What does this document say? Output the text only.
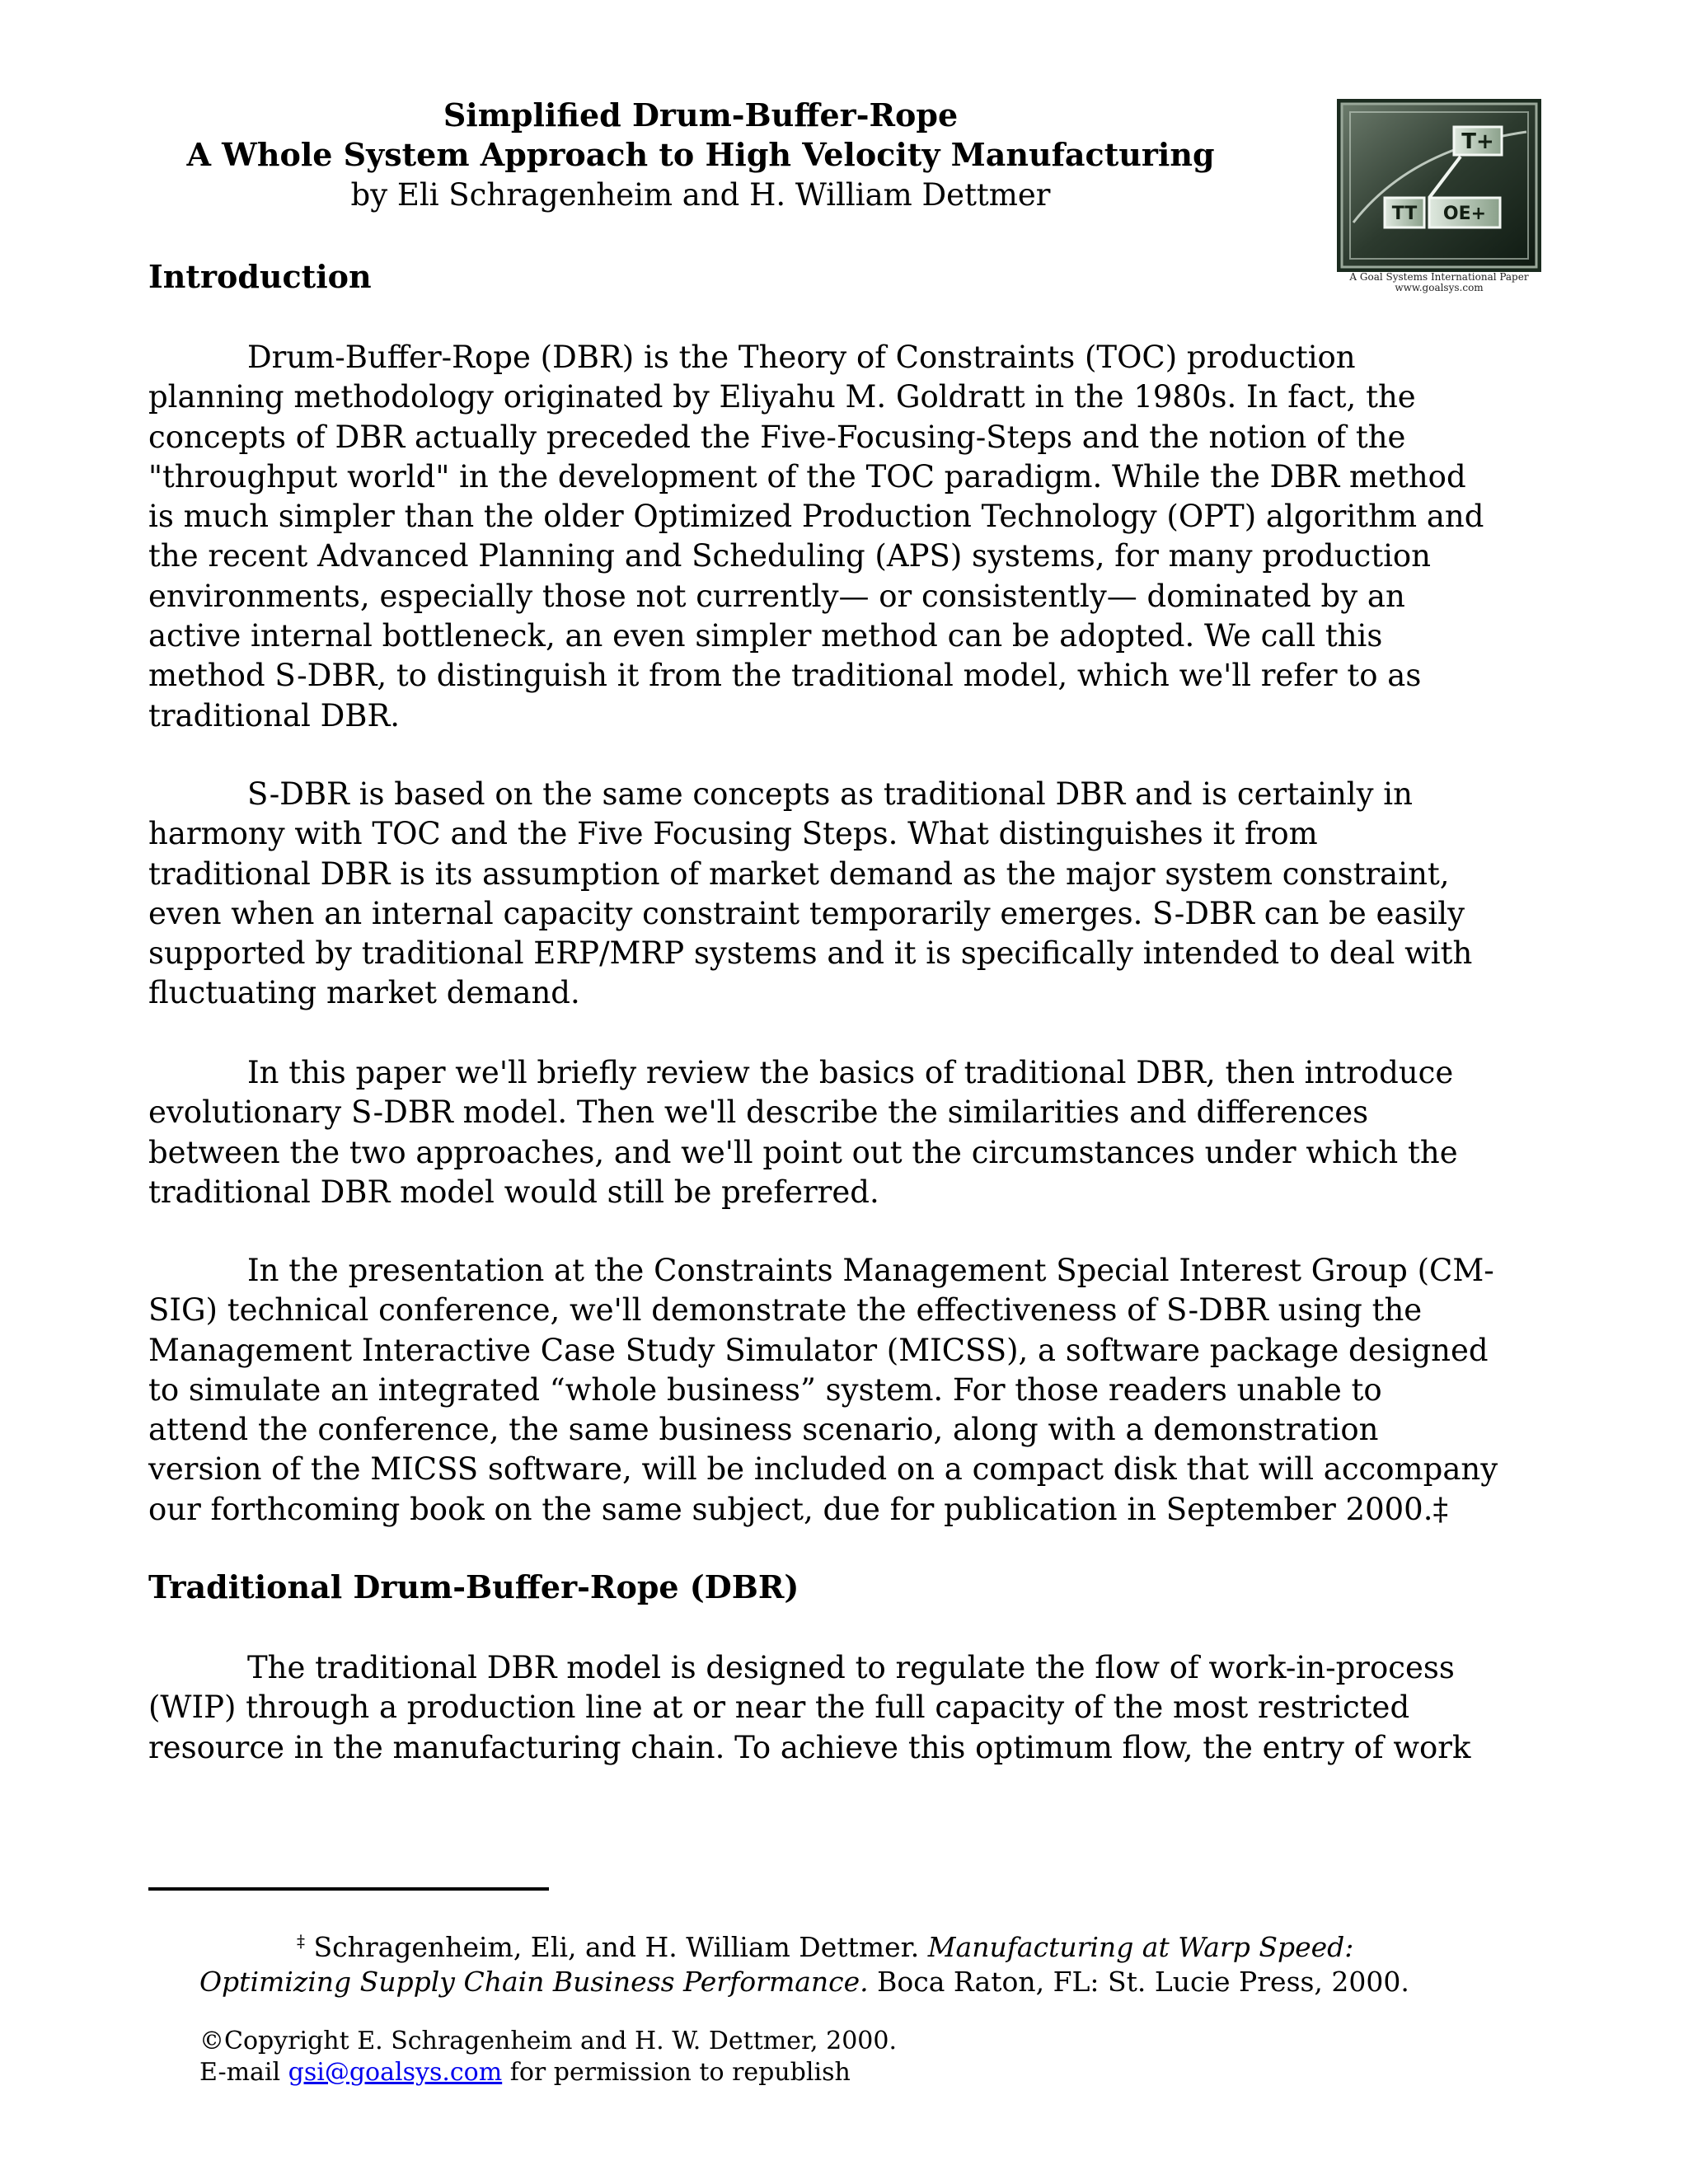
Simplified Drum-Buffer-Rope
A Whole System Approach to High Velocity Manufacturing
by Eli Schragenheim and H. William Dettmer
T+
TT OE+
A Goal Systems International Paper
www.goalsys.com
Introduction
Drum-Buffer-Rope (DBR) is the Theory of Constraints (TOC) production
planning methodology originated by Eliyahu M. Goldratt in the 1980s. In fact, the
concepts of DBR actually preceded the Five-Focusing-Steps and the notion of the
"throughput world" in the development of the TOC paradigm. While the DBR method
is much simpler than the older Optimized Production Technology (OPT) algorithm and
the recent Advanced Planning and Scheduling (APS) systems, for many production
environments, especially those not currently— or consistently— dominated by an
active internal bottleneck, an even simpler method can be adopted. We call this
method S-DBR, to distinguish it from the traditional model, which we'll refer to as
traditional DBR.
S-DBR is based on the same concepts as traditional DBR and is certainly in
harmony with TOC and the Five Focusing Steps. What distinguishes it from
traditional DBR is its assumption of market demand as the major system constraint,
even when an internal capacity constraint temporarily emerges. S-DBR can be easily
supported by traditional ERP/MRP systems and it is specifically intended to deal with
fluctuating market demand.
In this paper we'll briefly review the basics of traditional DBR, then introduce
evolutionary S-DBR model. Then we'll describe the similarities and differences
between the two approaches, and we'll point out the circumstances under which the
traditional DBR model would still be preferred.
In the presentation at the Constraints Management Special Interest Group (CM-
SIG) technical conference, we'll demonstrate the effectiveness of S-DBR using the
Management Interactive Case Study Simulator (MICSS), a software package designed
to simulate an integrated “whole business” system. For those readers unable to
attend the conference, the same business scenario, along with a demonstration
version of the MICSS software, will be included on a compact disk that will accompany
our forthcoming book on the same subject, due for publication in September 2000.‡
Traditional Drum-Buffer-Rope (DBR)
The traditional DBR model is designed to regulate the flow of work-in-process
(WIP) through a production line at or near the full capacity of the most restricted
resource in the manufacturing chain. To achieve this optimum flow, the entry of work
‡ Schragenheim, Eli, and H. William Dettmer. Manufacturing at Warp Speed:
Optimizing Supply Chain Business Performance. Boca Raton, FL: St. Lucie Press, 2000.
©Copyright E. Schragenheim and H. W. Dettmer, 2000.
E-mail gsi@goalsys.com for permission to republish
